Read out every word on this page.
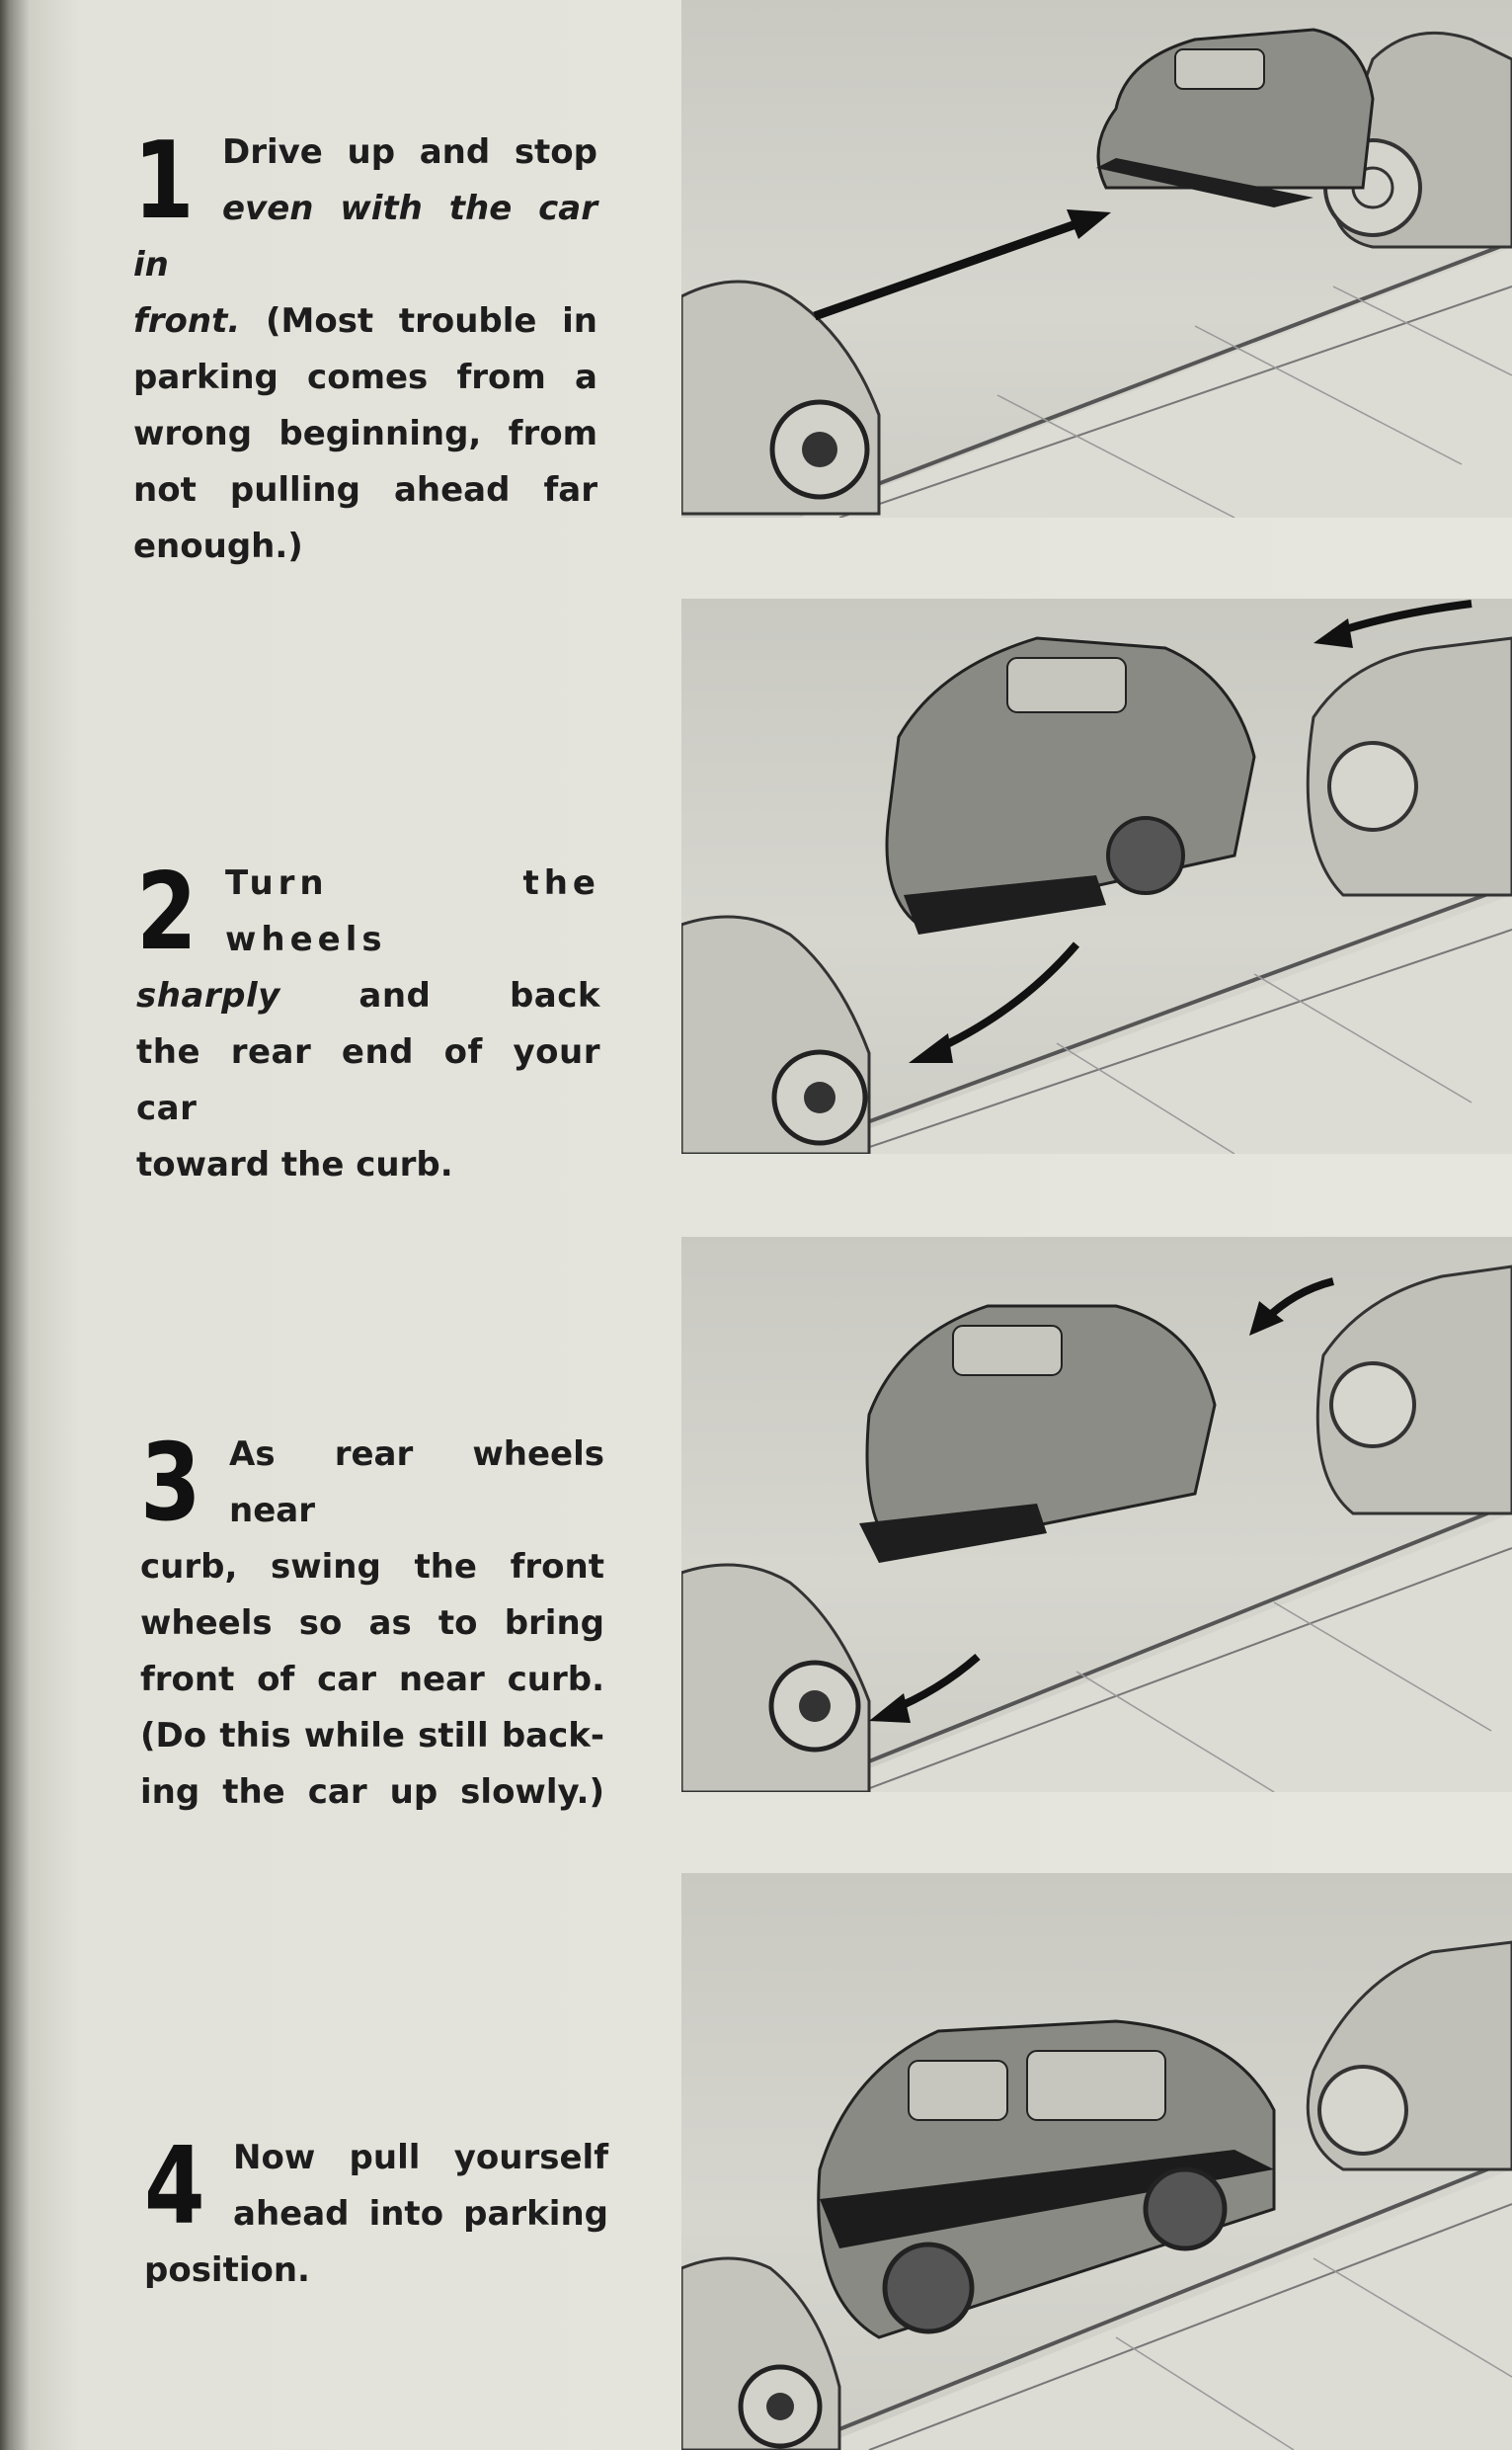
1 Drive up and stop
even with the car in
front. (Most trouble in
parking comes from a
wrong beginning, from
not pulling ahead far

enough.)

2 Turn the wheels
sharply and back
the rear end of your car

toward the curb.

3 As rear wheels near
curb, swing the front
wheels so as to bring
front of car near curb.
(Do this while still back-

ing the car up slowly.)

4 Now pull yourself
ahead into parking

position.
